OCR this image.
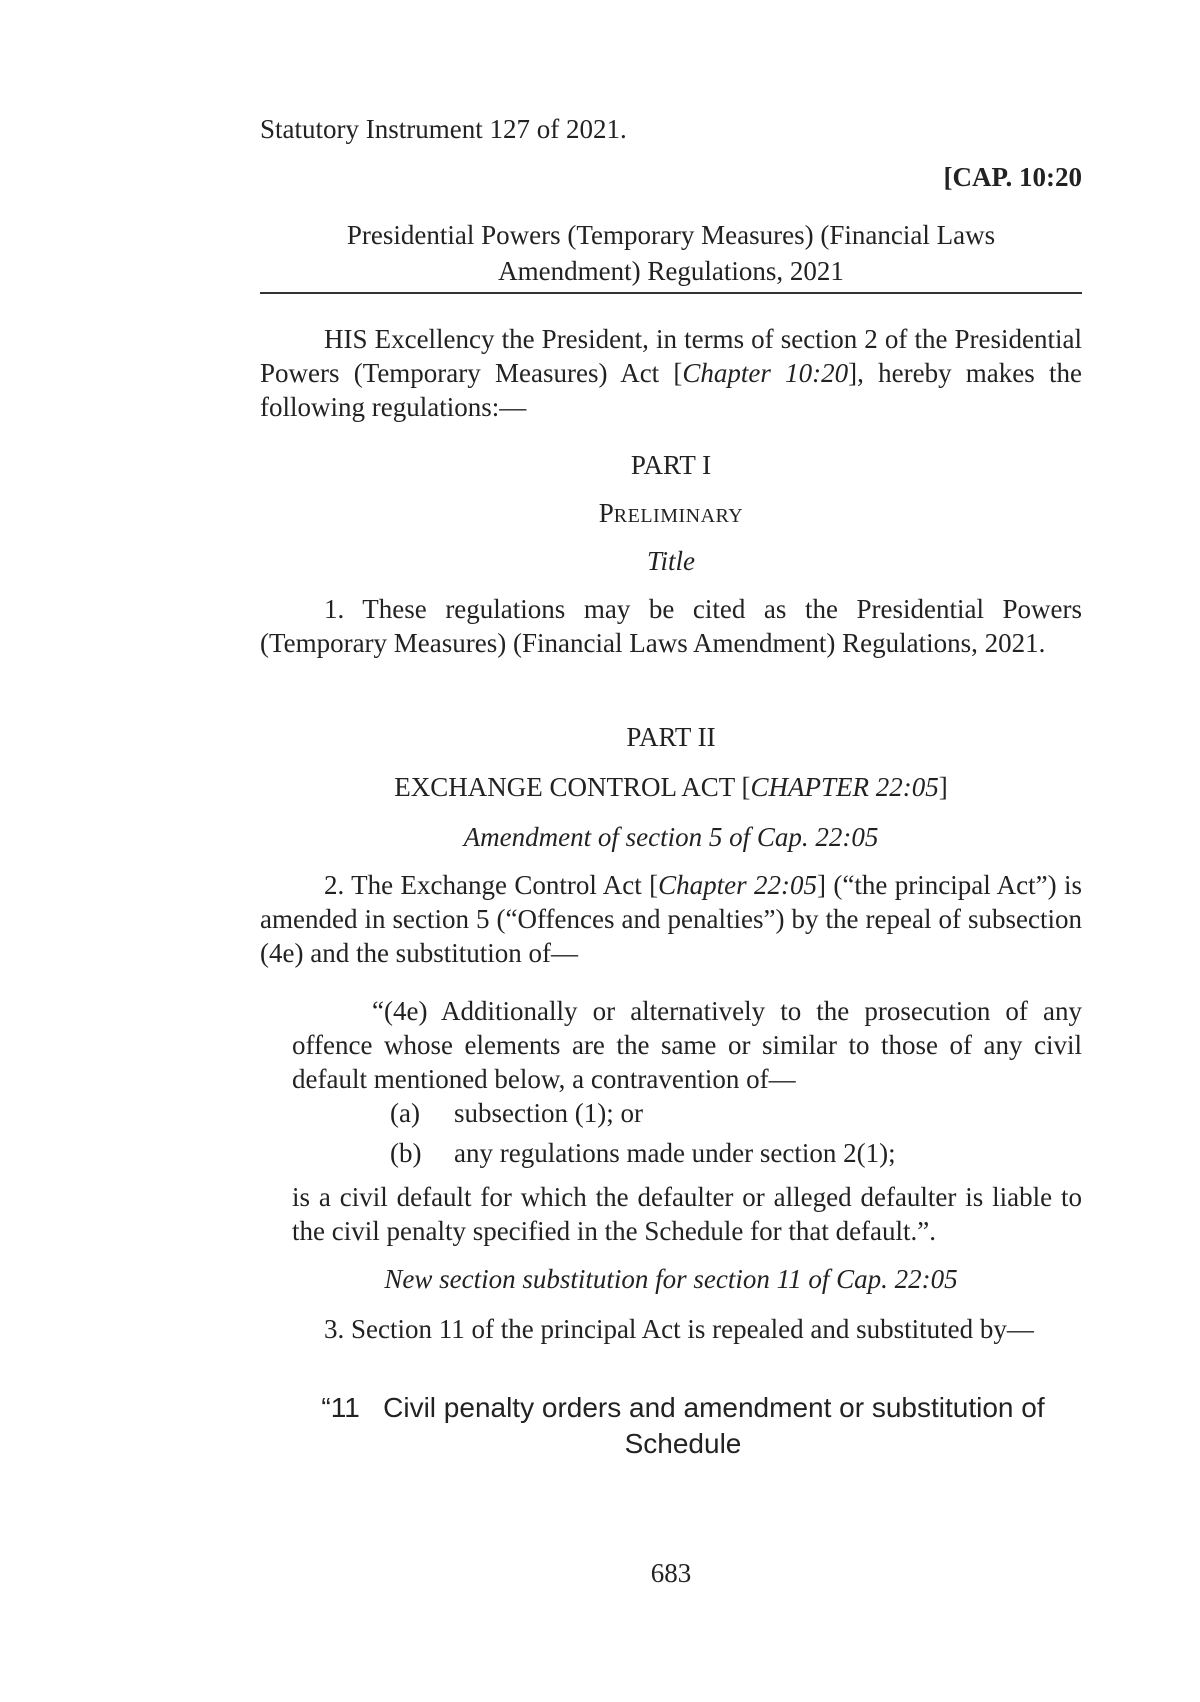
Statutory Instrument 127 of 2021.

[CAP. 10:20

Presidential Powers (Temporary Measures) (Financial Laws

Amendment) Regulations, 2021

HIS Excellency the President, in terms of section 2 of the Presidential Powers (Temporary Measures) Act [Chapter 10:20], hereby makes the following regulations:—

PART I

PRELIMINARY

Title

1. These regulations may be cited as the Presidential Powers (Temporary Measures) (Financial Laws Amendment) Regulations, 2021.

PART II

EXCHANGE CONTROL ACT [CHAPTER 22:05]

Amendment of section 5 of Cap. 22:05

2. The Exchange Control Act [Chapter 22:05] (“the principal Act”) is amended in section 5 (“Offences and penalties”) by the repeal of subsection (4e) and the substitution of—

“(4e) Additionally or alternatively to the prosecution of any offence whose elements are the same or similar to those of any civil default mentioned below, a contravention of—

(a) subsection (1); or
(b) any regulations made under section 2(1);

is a civil default for which the defaulter or alleged defaulter is liable to the civil penalty specified in the Schedule for that default.”.

New section substitution for section 11 of Cap. 22:05

3. Section 11 of the principal Act is repealed and substituted by—

“11   Civil penalty orders and amendment or substitution of

Schedule

683
